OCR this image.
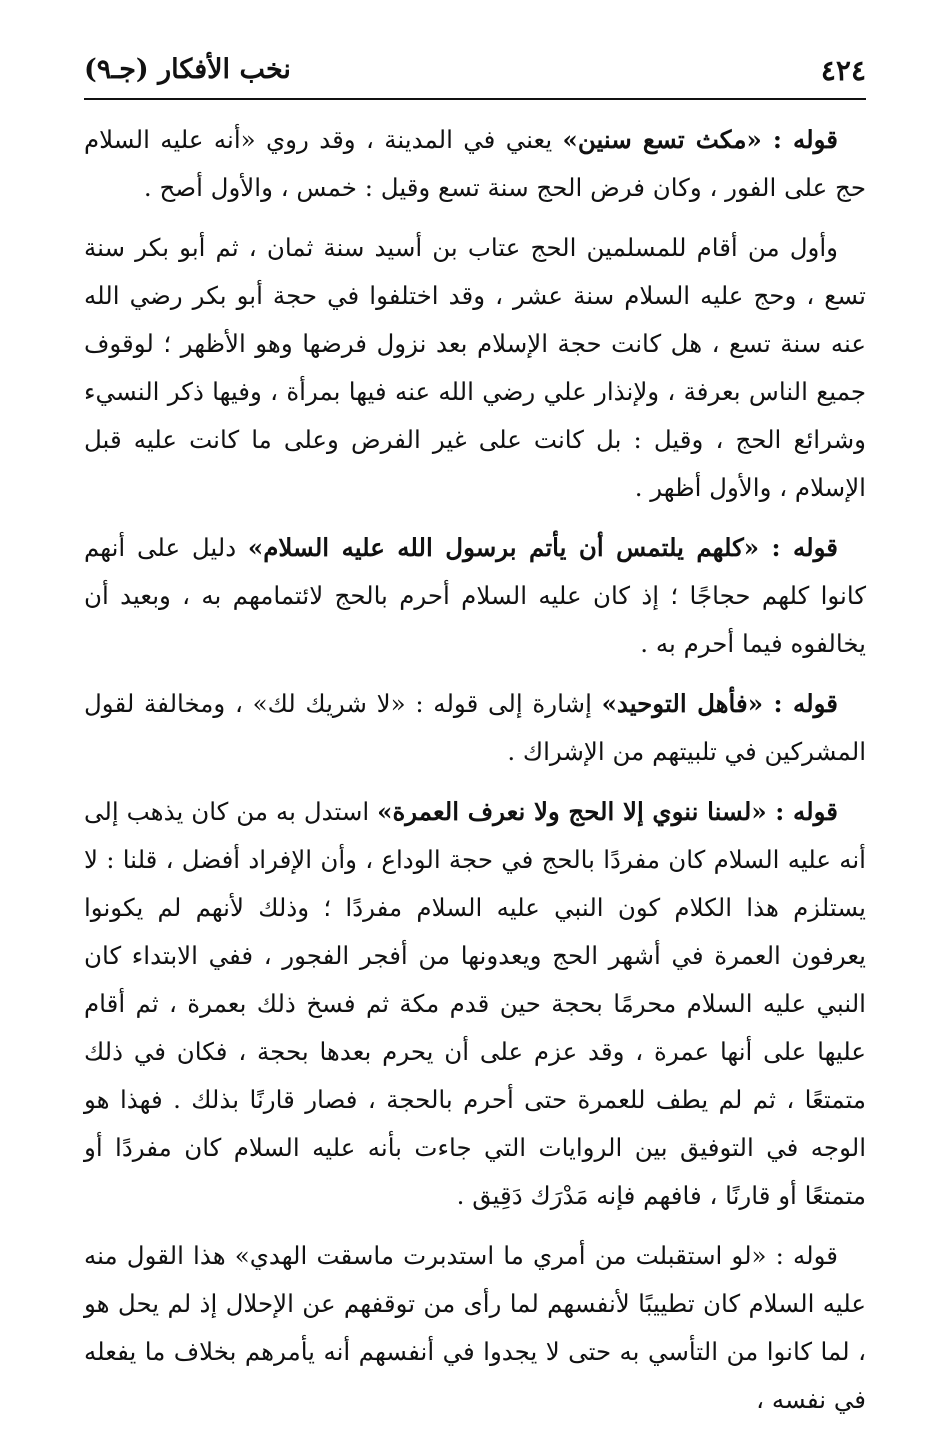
٤٢٤
نخب الأفكار (جـ٩)

قوله : «مكث تسع سنين» يعني في المدينة ، وقد روي «أنه عليه السلام حج على الفور ، وكان فرض الحج سنة تسع وقيل : خمس ، والأول أصح .

وأول من أقام للمسلمين الحج عتاب بن أسيد سنة ثمان ، ثم أبو بكر سنة تسع ، وحج عليه السلام سنة عشر ، وقد اختلفوا في حجة أبو بكر رضي الله عنه سنة تسع ، هل كانت حجة الإسلام بعد نزول فرضها وهو الأظهر ؛ لوقوف جميع الناس بعرفة ، ولإنذار علي رضي الله عنه فيها بمرأة ، وفيها ذكر النسيء وشرائع الحج ، وقيل : بل كانت على غير الفرض وعلى ما كانت عليه قبل الإسلام ، والأول أظهر .

قوله : «كلهم يلتمس أن يأتم برسول الله عليه السلام» دليل على أنهم كانوا كلهم حجاجًا ؛ إذ كان عليه السلام أحرم بالحج لائتمامهم به ، وبعيد أن يخالفوه فيما أحرم به .

قوله : «فأهل التوحيد» إشارة إلى قوله : «لا شريك لك» ، ومخالفة لقول المشركين في تلبيتهم من الإشراك .

قوله : «لسنا ننوي إلا الحج ولا نعرف العمرة» استدل به من كان يذهب إلى أنه عليه السلام كان مفردًا بالحج في حجة الوداع ، وأن الإفراد أفضل ، قلنا : لا يستلزم هذا الكلام كون النبي عليه السلام مفردًا ؛ وذلك لأنهم لم يكونوا يعرفون العمرة في أشهر الحج ويعدونها من أفجر الفجور ، ففي الابتداء كان النبي عليه السلام محرمًا بحجة حين قدم مكة ثم فسخ ذلك بعمرة ، ثم أقام عليها على أنها عمرة ، وقد عزم على أن يحرم بعدها بحجة ، فكان في ذلك متمتعًا ، ثم لم يطف للعمرة حتى أحرم بالحجة ، فصار قارنًا بذلك . فهذا هو الوجه في التوفيق بين الروايات التي جاءت بأنه عليه السلام كان مفردًا أو متمتعًا أو قارنًا ، فافهم فإنه مَدْرَك دَقِيق .

قوله : «لو استقبلت من أمري ما استدبرت ماسقت الهدي» هذا القول منه عليه السلام كان تطييبًا لأنفسهم لما رأى من توقفهم عن الإحلال إذ لم يحل هو ، لما كانوا من التأسي به حتى لا يجدوا في أنفسهم أنه يأمرهم بخلاف ما يفعله في نفسه ،
